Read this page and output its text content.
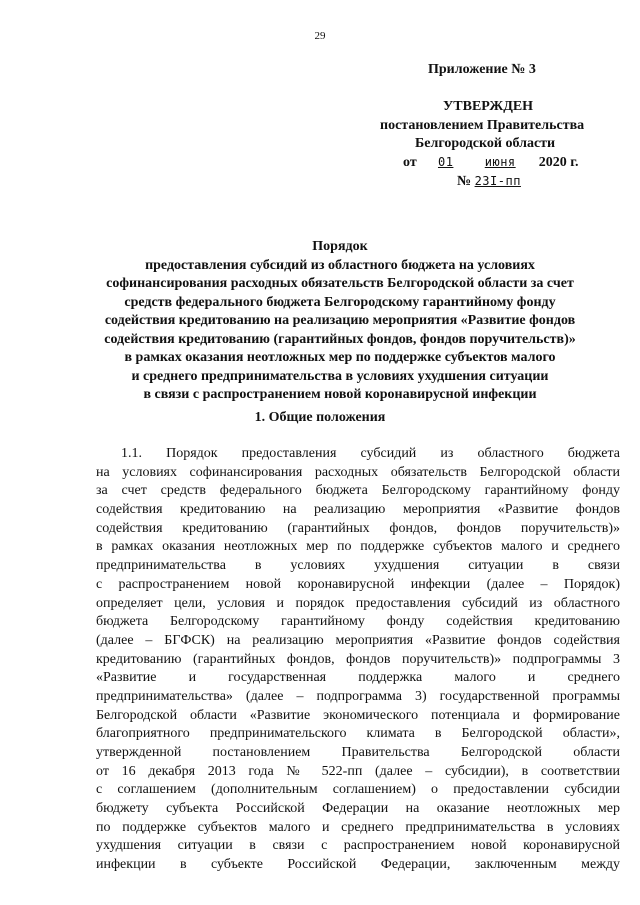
29
Приложение № 3
УТВЕРЖДЕН
постановлением Правительства
Белгородской области
от 01	июня 2020 г.
№ 23I-пп
Порядок
предоставления субсидий из областного бюджета на условиях
софинансирования расходных обязательств Белгородской области за счет
средств федерального бюджета Белгородскому гарантийному фонду
содействия кредитованию на реализацию мероприятия «Развитие фондов
содействия кредитованию (гарантийных фондов, фондов поручительств)»
в рамках оказания неотложных мер по поддержке субъектов малого
и среднего предпринимательства в условиях ухудшения ситуации
в связи с распространением новой коронавирусной инфекции
1. Общие положения
1.1. Порядок предоставления субсидий из областного бюджета
на условиях софинансирования расходных обязательств Белгородской области
за счет средств федерального бюджета Белгородскому гарантийному фонду
содействия кредитованию на реализацию мероприятия «Развитие фондов
содействия кредитованию (гарантийных фондов, фондов поручительств)»
в рамках оказания неотложных мер по поддержке субъектов малого и среднего
предпринимательства в условиях ухудшения ситуации в связи
с распространением новой коронавирусной инфекции (далее – Порядок)
определяет цели, условия и порядок предоставления субсидий из областного
бюджета Белгородскому гарантийному фонду содействия кредитованию
(далее – БГФСК) на реализацию мероприятия «Развитие фондов содействия
кредитованию (гарантийных фондов, фондов поручительств)» подпрограммы 3
«Развитие и государственная поддержка малого и среднего
предпринимательства» (далее – подпрограмма 3) государственной программы
Белгородской области «Развитие экономического потенциала и формирование
благоприятного предпринимательского климата в Белгородской области»,
утвержденной постановлением Правительства Белгородской области
от 16 декабря 2013 года № 522-пп (далее – субсидии), в соответствии
с соглашением (дополнительным соглашением) о предоставлении субсидии
бюджету субъекта Российской Федерации на оказание неотложных мер
по поддержке субъектов малого и среднего предпринимательства в условиях
ухудшения ситуации в связи с распространением новой коронавирусной
инфекции в субъекте Российской Федерации, заключенным между
